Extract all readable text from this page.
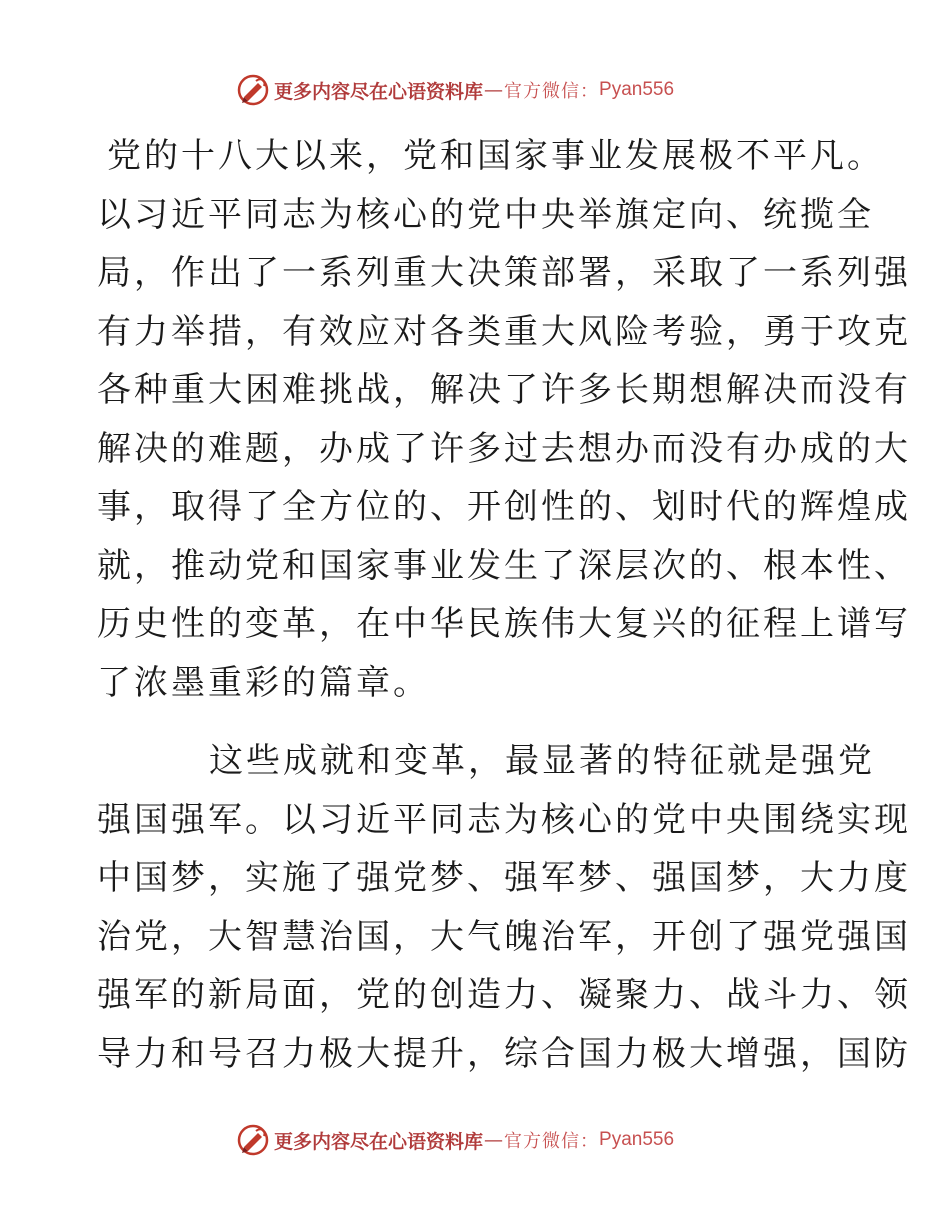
更多内容尽在心语资料库 — 官方微信： Pyan556
党的十八大以来，党和国家事业发展极不平凡。
以习近平同志为核心的党中央举旗定向、统揽全
局，作出了一系列重大决策部署，采取了一系列强
有力举措，有效应对各类重大风险考验，勇于攻克
各种重大困难挑战，解决了许多长期想解决而没有
解决的难题，办成了许多过去想办而没有办成的大
事，取得了全方位的、开创性的、划时代的辉煌成
就，推动党和国家事业发生了深层次的、根本性、
历史性的变革，在中华民族伟大复兴的征程上谱写
了浓墨重彩的篇章。
这些成就和变革，最显著的特征就是强党
强国强军。以习近平同志为核心的党中央围绕实现
中国梦，实施了强党梦、强军梦、强国梦，大力度
治党，大智慧治国，大气魄治军，开创了强党强国
强军的新局面，党的创造力、凝聚力、战斗力、领
导力和号召力极大提升，综合国力极大增强，国防
更多内容尽在心语资料库 — 官方微信： Pyan556
